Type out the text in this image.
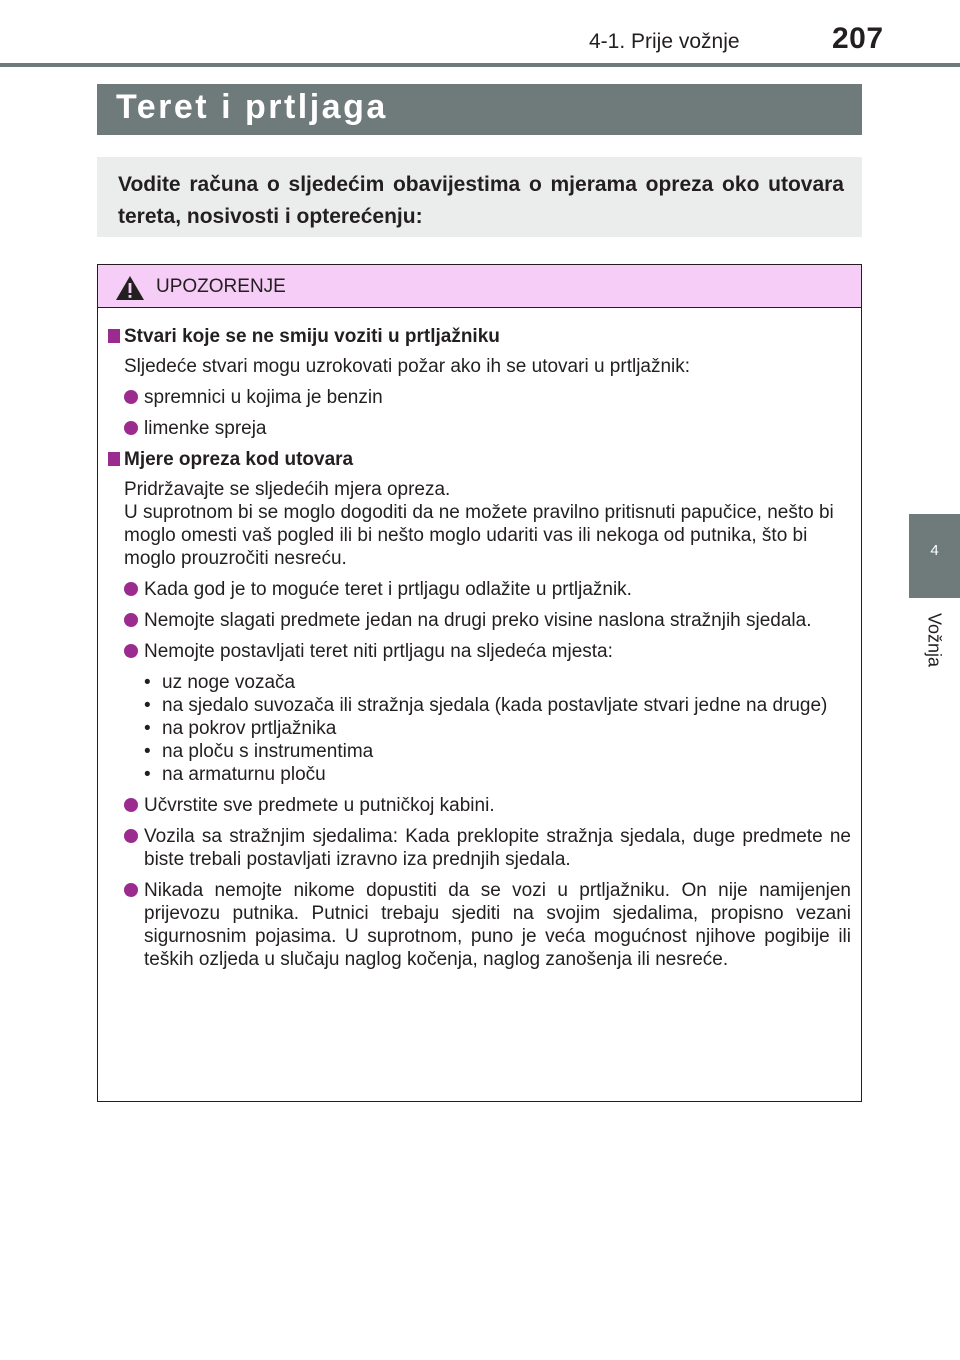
4-1. Prije vožnje	207
4
Vožnja
Teret i prtljaga
Vodite računa o sljedećim obavijestima o mjerama opreza oko utovara tereta, nosivosti i opterećenju:
UPOZORENJE
Stvari koje se ne smiju voziti u prtljažniku
Sljedeće stvari mogu uzrokovati požar ako ih se utovari u prtljažnik:
spremnici u kojima je benzin
limenke spreja
Mjere opreza kod utovara
Pridržavajte se sljedećih mjera opreza.
U suprotnom bi se moglo dogoditi da ne možete pravilno pritisnuti papučice, nešto bi moglo omesti vaš pogled ili bi nešto moglo udariti vas ili nekoga od putnika, što bi moglo prouzročiti nesreću.
Kada god je to moguće teret i prtljagu odlažite u prtljažnik.
Nemojte slagati predmete jedan na drugi preko visine naslona stražnjih sjedala.
Nemojte postavljati teret niti prtljagu na sljedeća mjesta:
• uz noge vozača
• na sjedalo suvozača ili stražnja sjedala (kada postavljate stvari jedne na druge)
• na pokrov prtljažnika
• na ploču s instrumentima
• na armaturnu ploču
Učvrstite sve predmete u putničkoj kabini.
Vozila sa stražnjim sjedalima: Kada preklopite stražnja sjedala, duge predmete ne biste trebali postavljati izravno iza prednjih sjedala.
Nikada nemojte nikome dopustiti da se vozi u prtljažniku. On nije namijenjen prijevozu putnika. Putnici trebaju sjediti na svojim sjedalima, propisno vezani sigurnosnim pojasima. U suprotnom, puno je veća mogućnost njihove pogibije ili teških ozljeda u slučaju naglog kočenja, naglog zanošenja ili nesreće.
